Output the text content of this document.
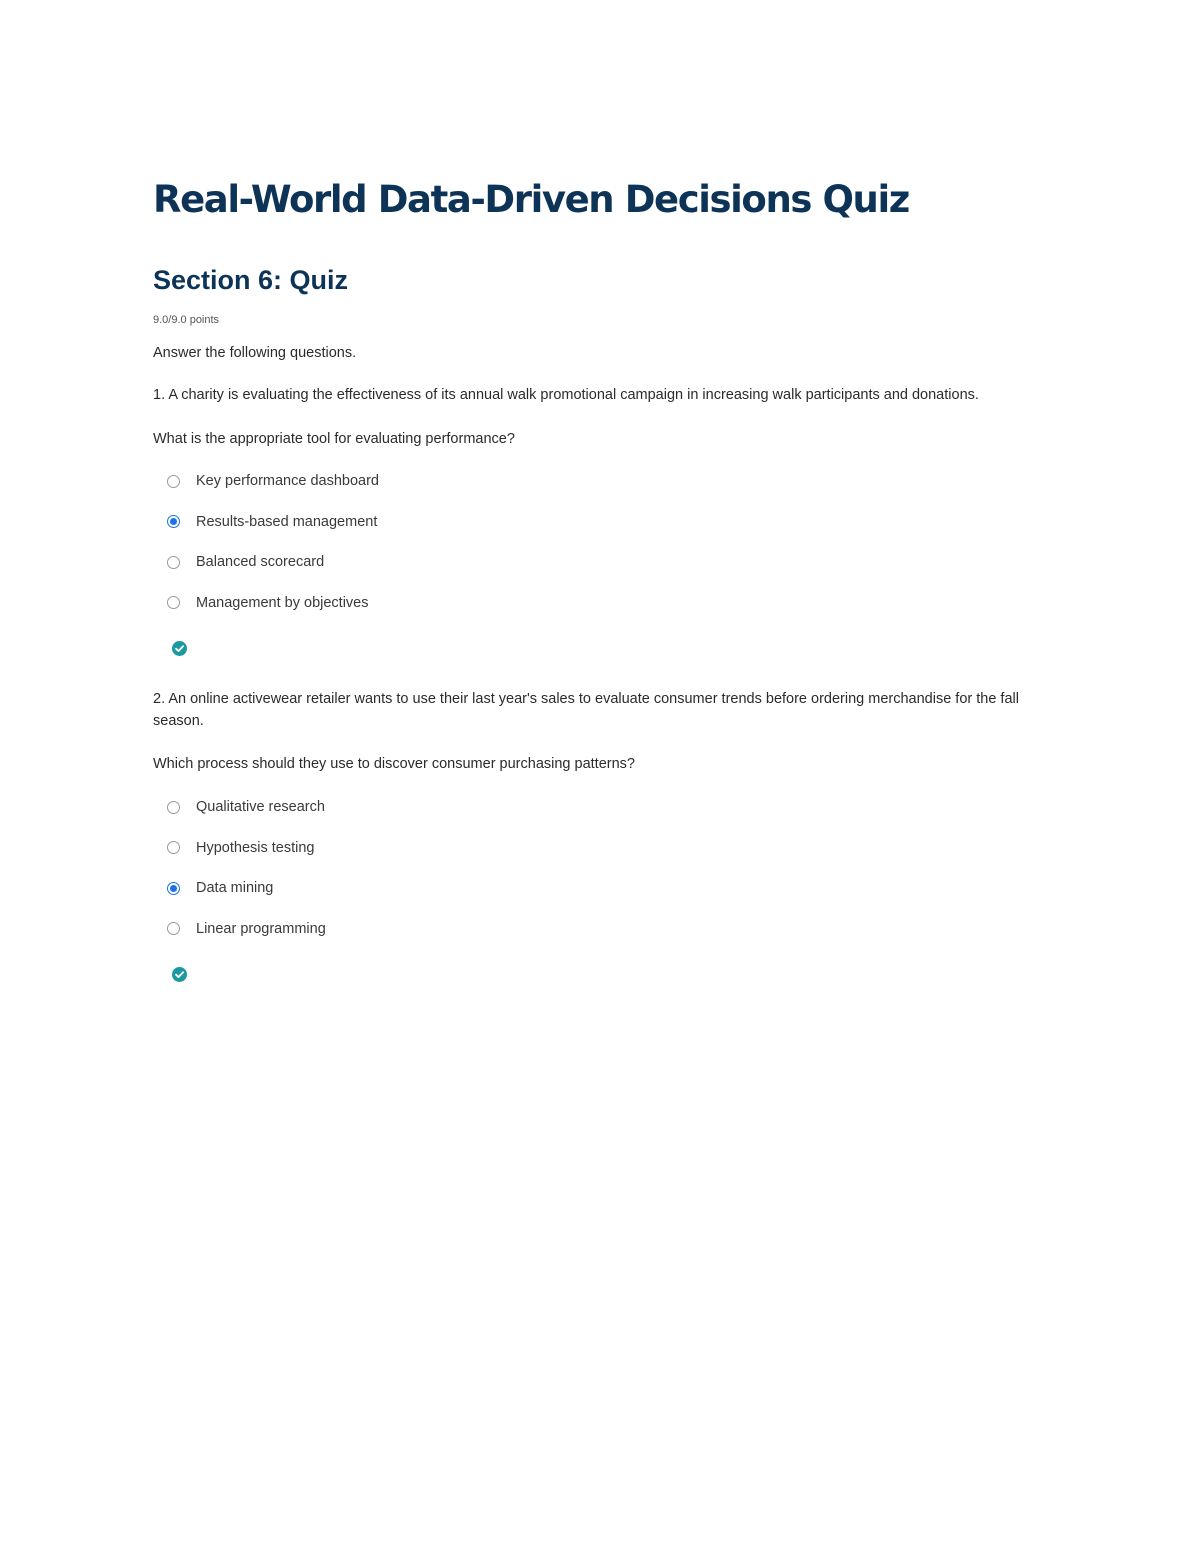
Real-World Data-Driven Decisions Quiz
Section 6: Quiz
9.0/9.0 points
Answer the following questions.

1. A charity is evaluating the effectiveness of its annual walk promotional campaign in increasing walk participants and donations.

What is the appropriate tool for evaluating performance?

Key performance dashboard
Results-based management
Balanced scorecard
Management by objectives

2. An online activewear retailer wants to use their last year's sales to evaluate consumer trends before ordering merchandise for the fall season.

Which process should they use to discover consumer purchasing patterns?

Qualitative research
Hypothesis testing
Data mining
Linear programming
